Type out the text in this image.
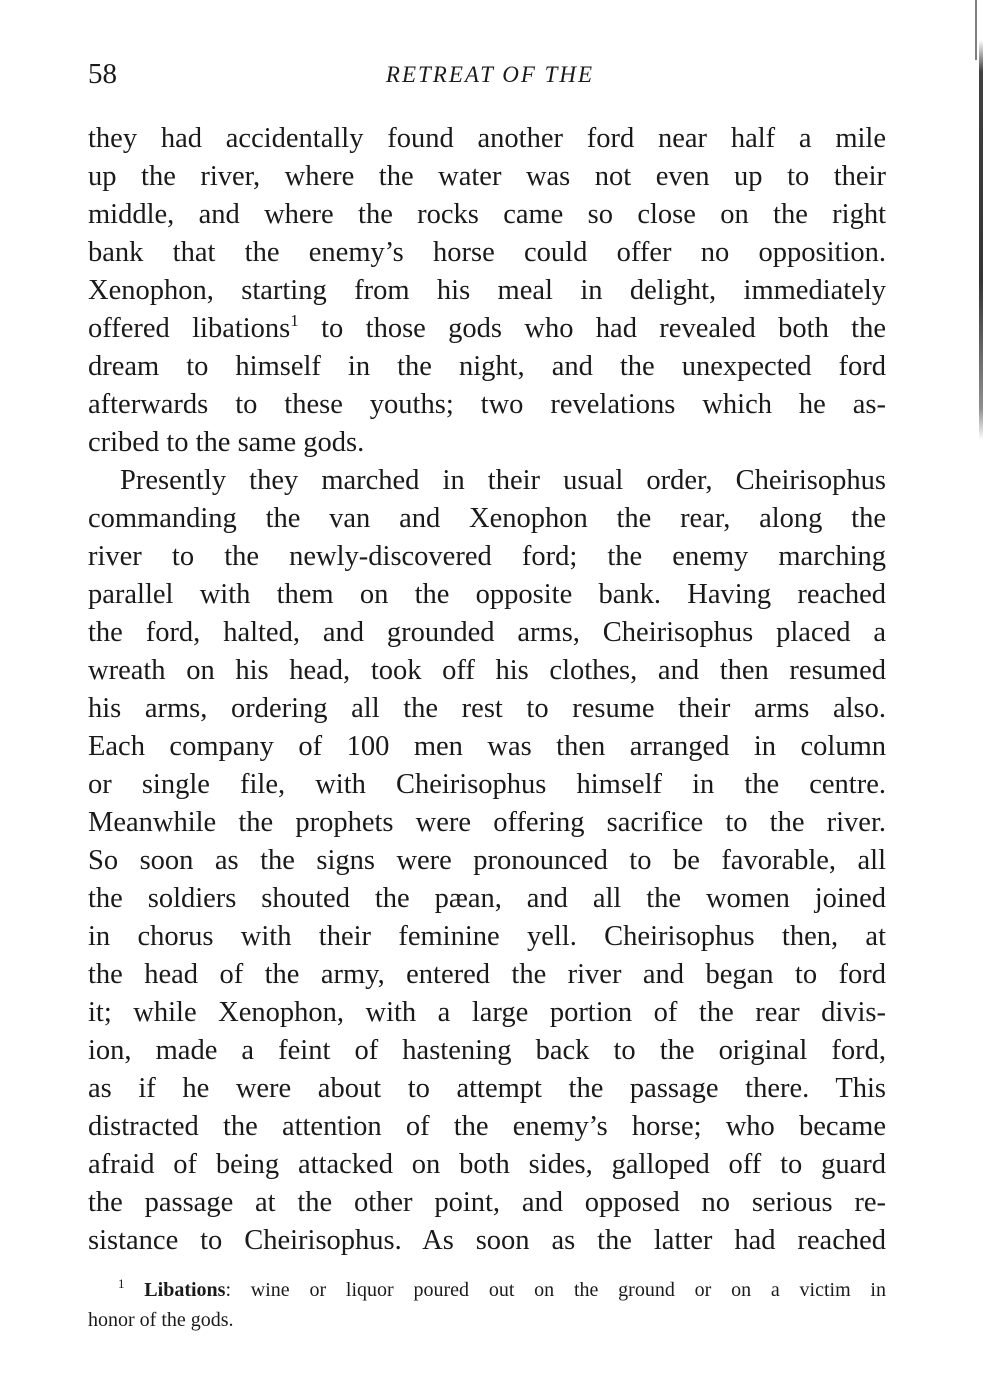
58	RETREAT OF THE
they had accidentally found another ford near half a mile
up the river, where the water was not even up to their
middle, and where the rocks came so close on the right
bank that the enemy’s horse could offer no opposition.
Xenophon, starting from his meal in delight, immediately
offered libations$^1$ to those gods who had revealed both the
dream to himself in the night, and the unexpected ford
afterwards to these youths; two revelations which he as-
cribed to the same gods.
Presently they marched in their usual order, Cheirisophus
commanding the van and Xenophon the rear, along the
river to the newly-discovered ford; the enemy marching
parallel with them on the opposite bank. Having reached
the ford, halted, and grounded arms, Cheirisophus placed a
wreath on his head, took off his clothes, and then resumed
his arms, ordering all the rest to resume their arms also.
Each company of 100 men was then arranged in column
or single file, with Cheirisophus himself in the centre.
Meanwhile the prophets were offering sacrifice to the river.
So soon as the signs were pronounced to be favorable, all
the soldiers shouted the pæan, and all the women joined
in chorus with their feminine yell. Cheirisophus then, at
the head of the army, entered the river and began to ford
it; while Xenophon, with a large portion of the rear divis-
ion, made a feint of hastening back to the original ford,
as if he were about to attempt the passage there. This
distracted the attention of the enemy’s horse; who became
afraid of being attacked on both sides, galloped off to guard
the passage at the other point, and opposed no serious re-
sistance to Cheirisophus. As soon as the latter had reached
$^1$ Libations: wine or liquor poured out on the ground or on a victim in
honor of the gods.
